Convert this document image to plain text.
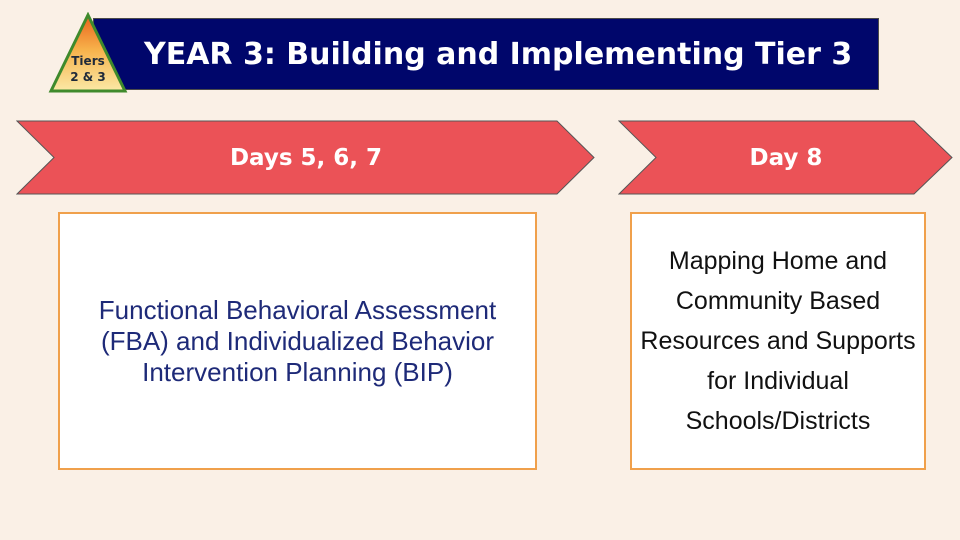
YEAR 3: Building and Implementing Tier 3
Tiers
2 & 3
Days 5, 6, 7	Day 8
Functional Behavioral Assessment (FBA) and Individualized Behavior Intervention Planning (BIP)
Mapping Home and Community Based Resources and Supports for Individual Schools/Districts
